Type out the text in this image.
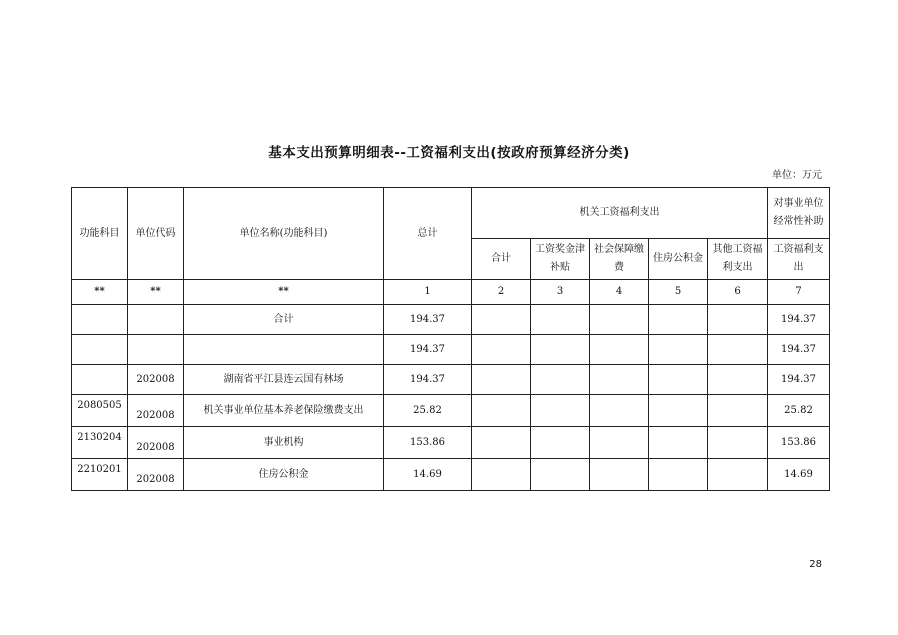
基本支出预算明细表--工资福利支出(按政府预算经济分类)
单位：万元
功能科目	单位代码	单位名称(功能科目)	总计	机关工资福利支出					对事业单位经常性补助
				合计	工资奖金津补贴	社会保障缴费	住房公积金	其他工资福利支出	工资福利支出
**	**	**	1	2	3	4	5	6	7
		合计	194.37						194.37
			194.37						194.37
	202008	湖南省平江县连云国有林场	194.37						194.37
2080505	202008	机关事业单位基本养老保险缴费支出	25.82						25.82
2130204	202008	事业机构	153.86						153.86
2210201	202008	住房公积金	14.69						14.69
28
